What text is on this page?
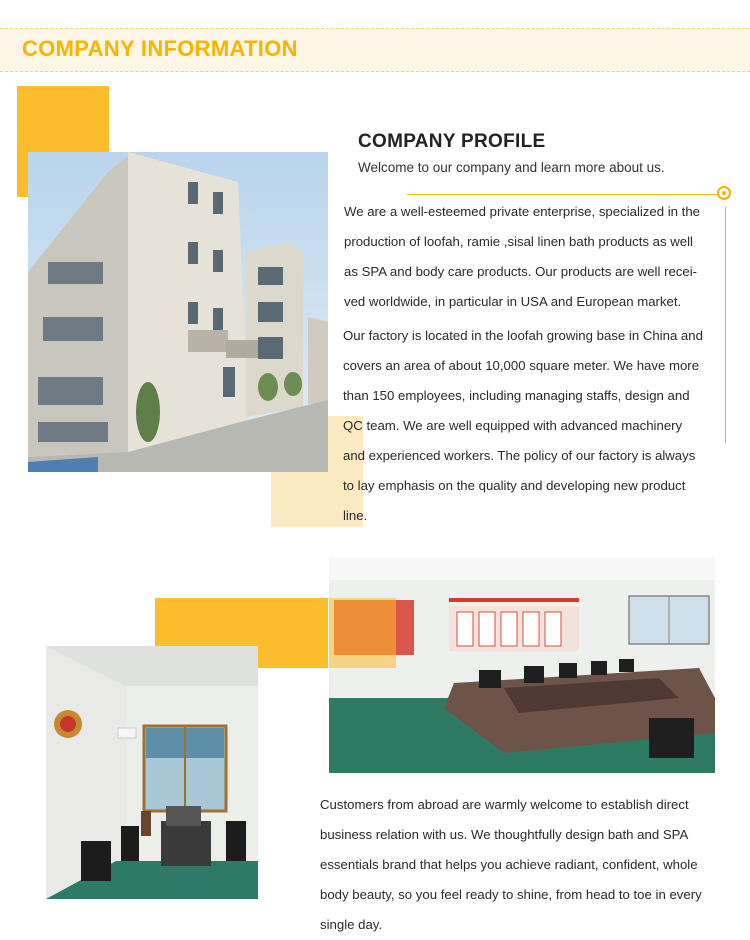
COMPANY INFORMATION
COMPANY PROFILE
Welcome to our company and learn more about us.
We are a well-esteemed private enterprise, specialized in the
production of loofah, ramie ,sisal linen bath products as well
as SPA and body care products. Our products are well recei-
ved worldwide, in particular in USA and European market.
Our factory is located in the loofah growing base in China and
covers an area of about 10,000 square meter. We have more
than 150 employees, including managing staffs, design and
QC team. We are well equipped with advanced machinery
and experienced workers. The policy of our factory is always
to lay emphasis on the quality and developing new product
line.
Customers from abroad are warmly welcome to establish direct
business relation with us. We thoughtfully design bath and SPA
essentials brand that helps you achieve radiant, confident, whole
body beauty, so you feel ready to shine, from head to toe in every
single day.
